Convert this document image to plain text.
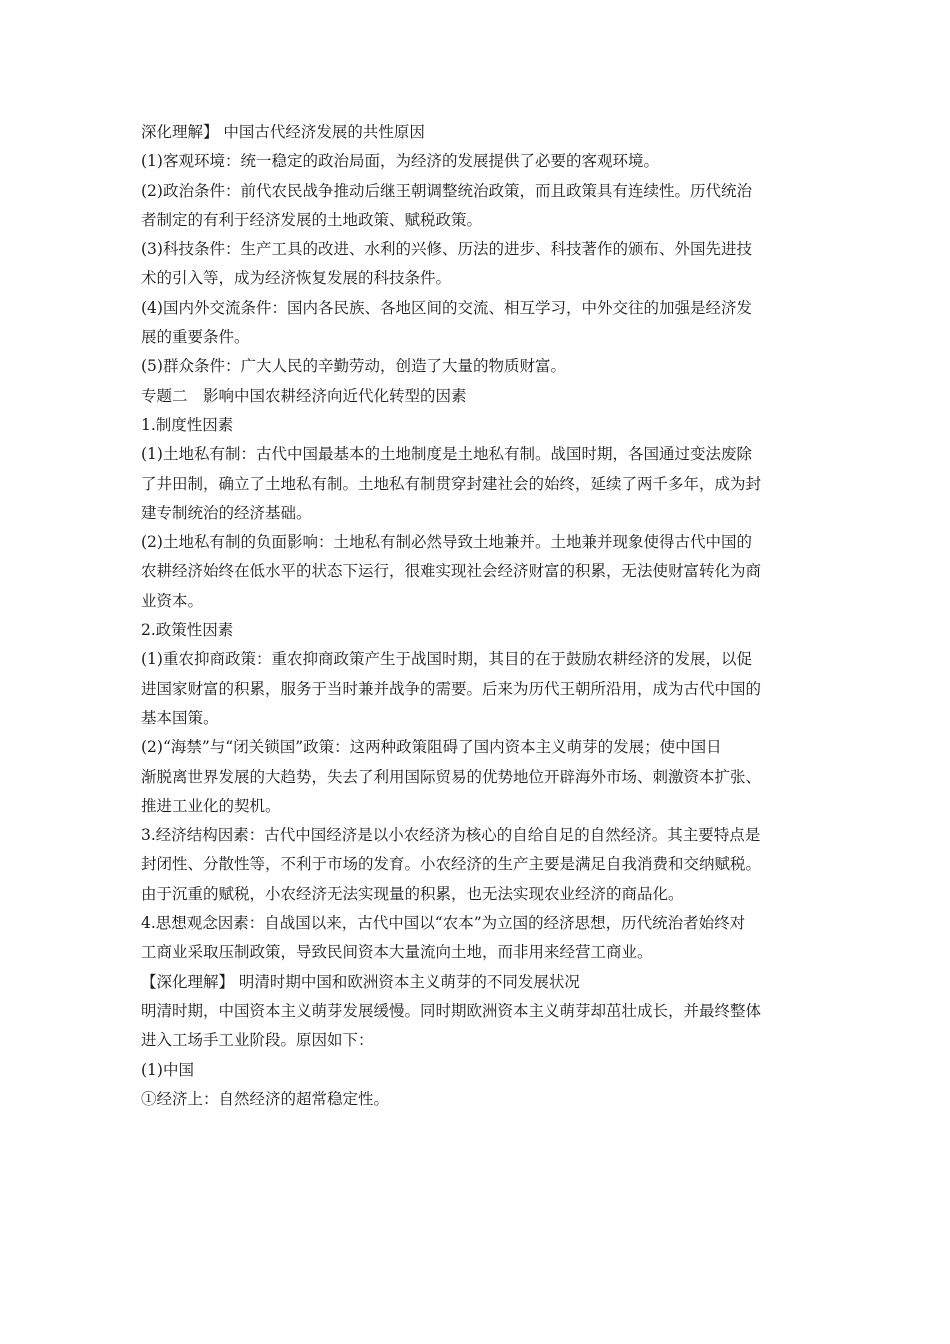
深化理解】 中国古代经济发展的共性原因
(1)客观环境：统一稳定的政治局面，为经济的发展提供了必要的客观环境。
(2)政治条件：前代农民战争推动后继王朝调整统治政策，而且政策具有连续性。历代统治
者制定的有利于经济发展的土地政策、赋税政策。
(3)科技条件：生产工具的改进、水利的兴修、历法的进步、科技著作的颁布、外国先进技
术的引入等，成为经济恢复发展的科技条件。
(4)国内外交流条件：国内各民族、各地区间的交流、相互学习，中外交往的加强是经济发
展的重要条件。
(5)群众条件：广大人民的辛勤劳动，创造了大量的物质财富。
专题二　影响中国农耕经济向近代化转型的因素
1.制度性因素
(1)土地私有制：古代中国最基本的土地制度是土地私有制。战国时期，各国通过变法废除
了井田制，确立了土地私有制。土地私有制贯穿封建社会的始终，延续了两千多年，成为封
建专制统治的经济基础。
(2)土地私有制的负面影响：土地私有制必然导致土地兼并。土地兼并现象使得古代中国的
农耕经济始终在低水平的状态下运行，很难实现社会经济财富的积累，无法使财富转化为商
业资本。
2.政策性因素
(1)重农抑商政策：重农抑商政策产生于战国时期，其目的在于鼓励农耕经济的发展，以促
进国家财富的积累，服务于当时兼并战争的需要。后来为历代王朝所沿用，成为古代中国的
基本国策。
(2)“海禁”与“闭关锁国”政策：这两种政策阻碍了国内资本主义萌芽的发展；使中国日
渐脱离世界发展的大趋势，失去了利用国际贸易的优势地位开辟海外市场、刺激资本扩张、
推进工业化的契机。
3.经济结构因素：古代中国经济是以小农经济为核心的自给自足的自然经济。其主要特点是
封闭性、分散性等，不利于市场的发育。小农经济的生产主要是满足自我消费和交纳赋税。
由于沉重的赋税，小农经济无法实现量的积累，也无法实现农业经济的商品化。
4.思想观念因素：自战国以来，古代中国以“农本”为立国的经济思想，历代统治者始终对
工商业采取压制政策，导致民间资本大量流向土地，而非用来经营工商业。
【深化理解】 明清时期中国和欧洲资本主义萌芽的不同发展状况
明清时期，中国资本主义萌芽发展缓慢。同时期欧洲资本主义萌芽却茁壮成长，并最终整体
进入工场手工业阶段。原因如下：
(1)中国
①经济上：自然经济的超常稳定性。
